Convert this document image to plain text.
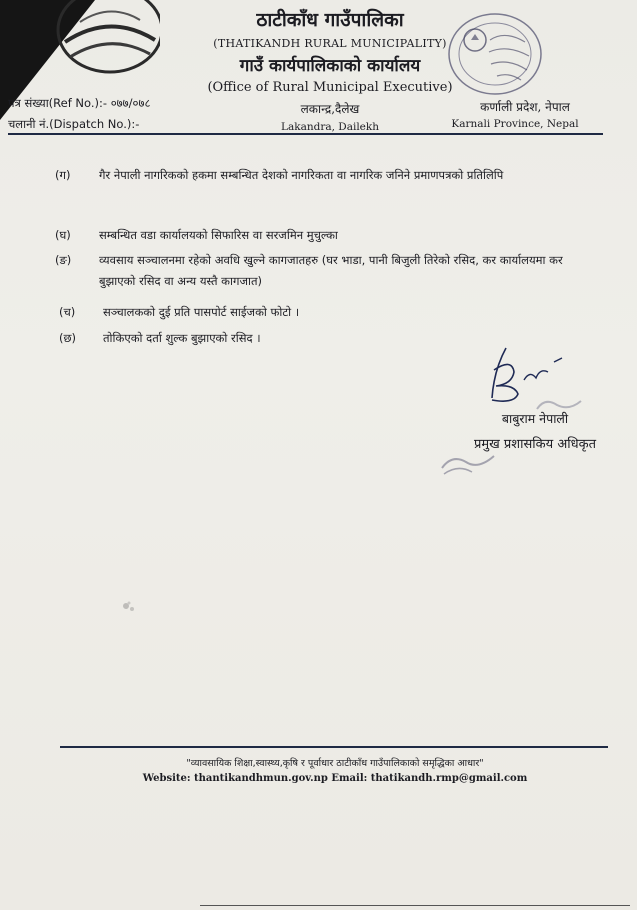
ठाटीकाँध गाउँपालिका
(THATIKANDH RURAL MUNICIPALITY)
गाउँ कार्यपालिकाको कार्यालय
(Office of Rural Municipal Executive)
लकान्द्र,दैलेख
Lakandra, Dailekh
कर्णाली प्रदेश, नेपाल
Karnali Province, Nepal
पत्र संख्या(Ref No.):- ०७७/०७८
चलानी नं.(Dispatch No.):-
(ग)	गैर नेपाली नागरिकको हकमा सम्बन्धित देशको नागरिकता वा नागरिक जनिने प्रमाणपत्रको प्रतिलिपि
(घ)	सम्बन्धित वडा कार्यालयको सिफारिस वा सरजमिन मुचुल्का
(ङ)	व्यवसाय सञ्चालनमा रहेको अवधि खुल्ने कागजातहरु (घर भाडा, पानी बिजुली तिरेको रसिद, कर कार्यालयमा कर बुझाएको रसिद वा अन्य यस्तै कागजात)
(च)	सञ्चालकको दुई प्रति पासपोर्ट साईजको फोटो ।
(छ)	तोकिएको दर्ता शुल्क बुझाएको रसिद ।
बाबुराम नेपाली
प्रमुख प्रशासकिय अधिकृत
"व्यावसायिक शिक्षा,स्वास्थ्य,कृषि र पूर्वाधार ठाटीकाँध गाउँपालिकाको समृद्धिका आधार"
Website: thantikandhmun.gov.np Email: thatikandh.rmp@gmail.com
